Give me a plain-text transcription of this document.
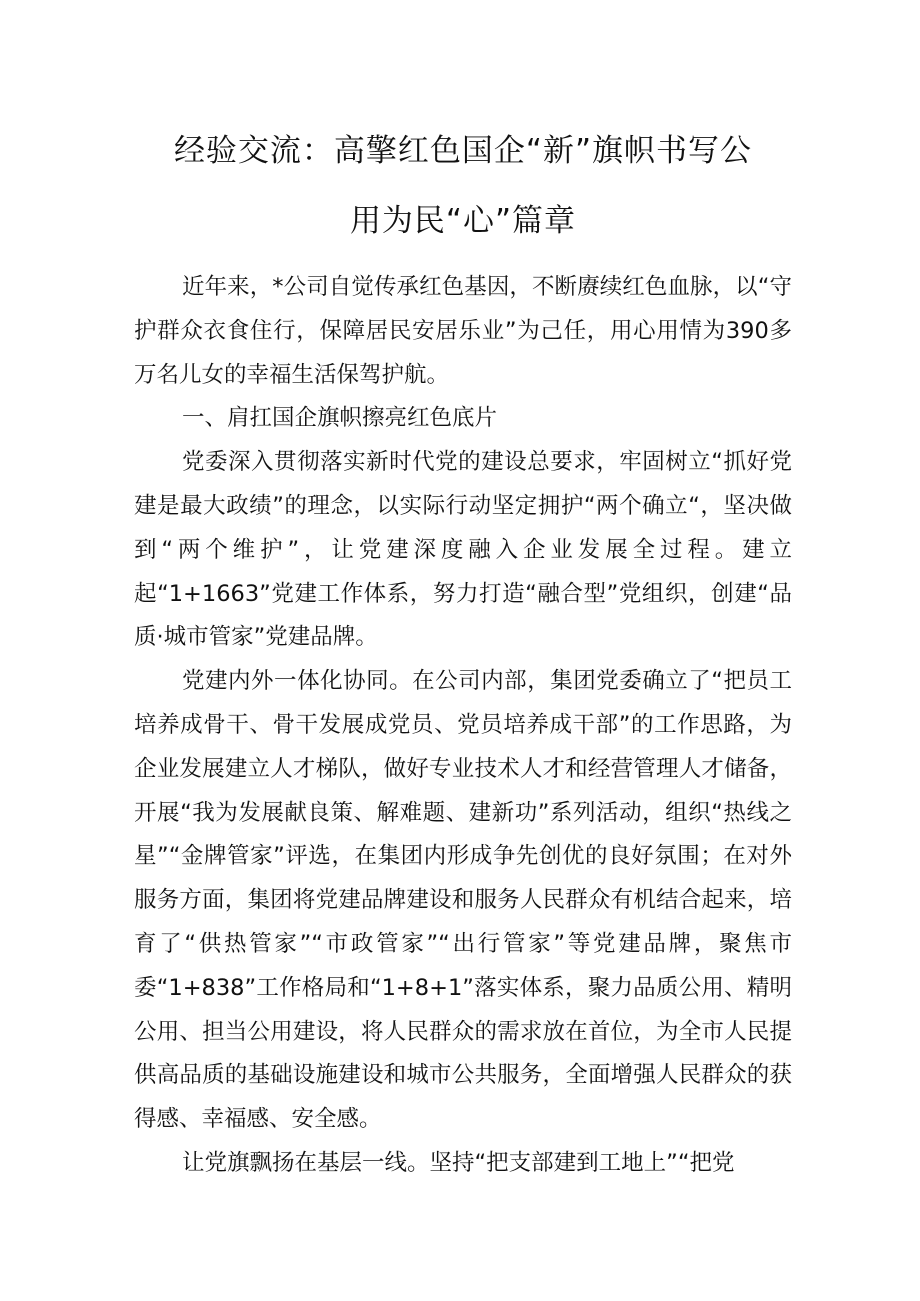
经验交流：高擎红色国企“新”旗帜书写公
用为民“心”篇章

近年来，*公司自觉传承红色基因，不断赓续红色血脉，以“守护群众衣食住行，保障居民安居乐业”为己任，用心用情为390多万名儿女的幸福生活保驾护航。

一、肩扛国企旗帜擦亮红色底片

党委深入贯彻落实新时代党的建设总要求，牢固树立“抓好党建是最大政绩”的理念，以实际行动坚定拥护“两个确立“，坚决做到“两个维护”，让党建深度融入企业发展全过程。建立起“1+1663”党建工作体系，努力打造“融合型”党组织，创建“品质·城市管家”党建品牌。

党建内外一体化协同。在公司内部，集团党委确立了“把员工培养成骨干、骨干发展成党员、党员培养成干部”的工作思路，为企业发展建立人才梯队，做好专业技术人才和经营管理人才储备，开展“我为发展献良策、解难题、建新功”系列活动，组织“热线之星”“金牌管家”评选，在集团内形成争先创优的良好氛围；在对外服务方面，集团将党建品牌建设和服务人民群众有机结合起来，培育了“供热管家”“市政管家”“出行管家”等党建品牌，聚焦市委“1+838”工作格局和“1+8+1”落实体系，聚力品质公用、精明公用、担当公用建设，将人民群众的需求放在首位，为全市人民提供高品质的基础设施建设和城市公共服务，全面增强人民群众的获得感、幸福感、安全感。

让党旗飘扬在基层一线。坚持“把支部建到工地上”“把党
